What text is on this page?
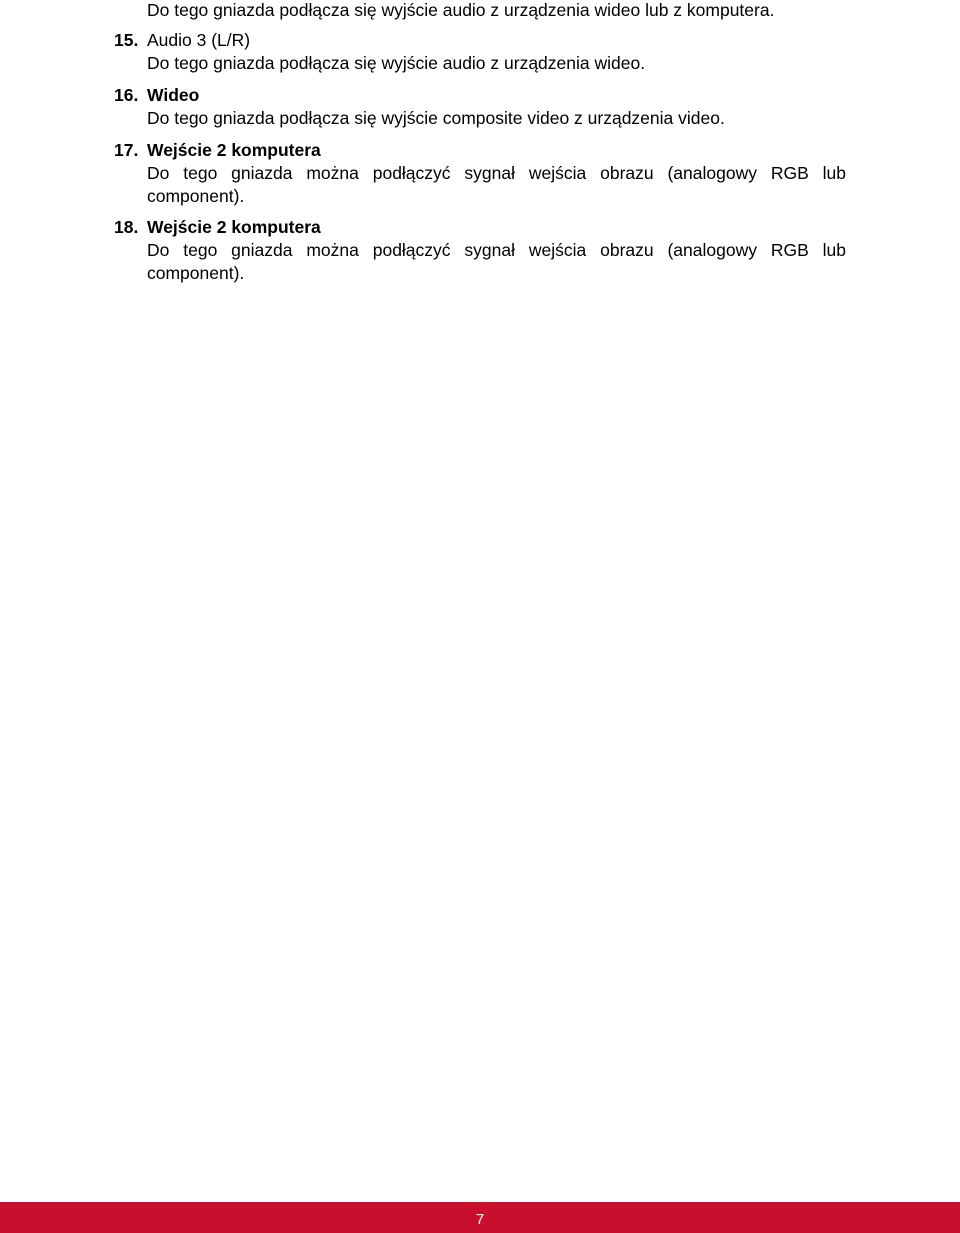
Do tego gniazda podłącza się wyjście audio z urządzenia wideo lub z komputera.
15. Audio 3 (L/R)
Do tego gniazda podłącza się wyjście audio z urządzenia wideo.
16. Wideo
Do tego gniazda podłącza się wyjście composite video z urządzenia video.
17. Wejście 2 komputera
Do tego gniazda można podłączyć sygnał wejścia obrazu (analogowy RGB lub component).
18. Wejście 2 komputera
Do tego gniazda można podłączyć sygnał wejścia obrazu (analogowy RGB lub component).
7
